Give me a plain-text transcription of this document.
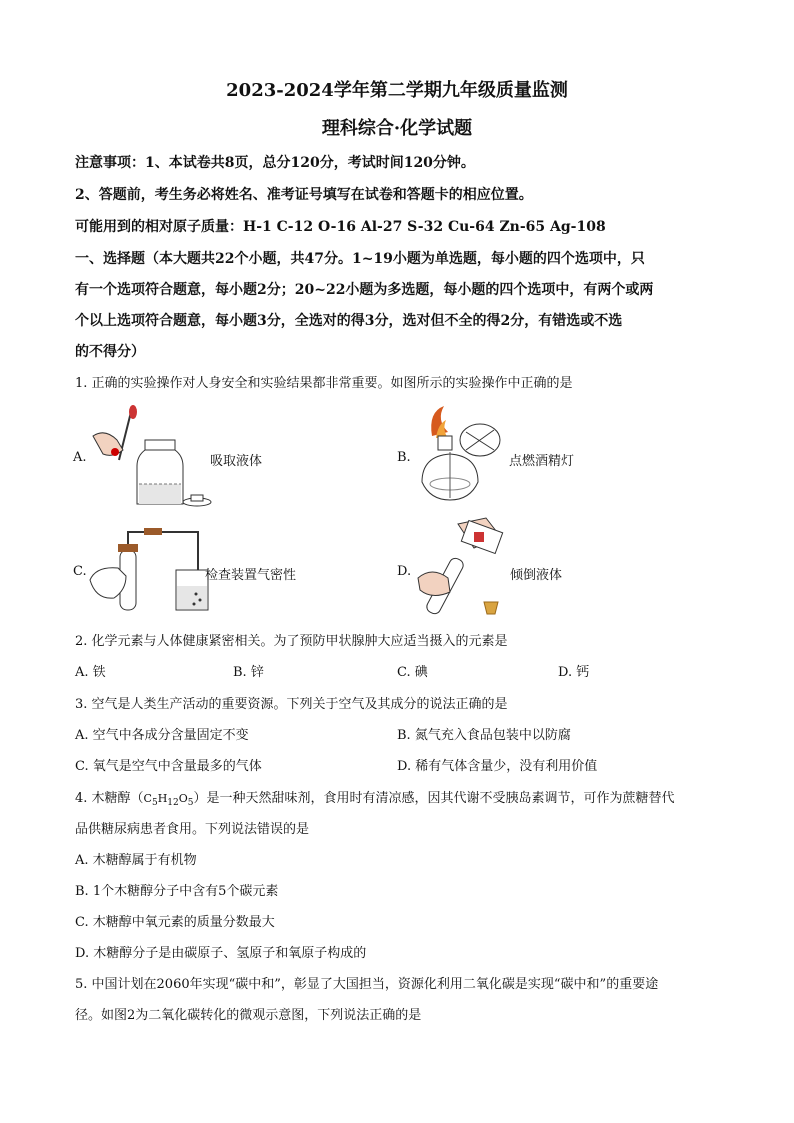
2023-2024学年第二学期九年级质量监测
理科综合·化学试题
注意事项：1、本试卷共8页，总分120分，考试时间120分钟。
2、答题前，考生务必将姓名、准考证号填写在试卷和答题卡的相应位置。
可能用到的相对原子质量：H-1 C-12 O-16 Al-27 S-32 Cu-64 Zn-65 Ag-108
一、选择题（本大题共22个小题，共47分。1~19小题为单选题，每小题的四个选项中，只
有一个选项符合题意，每小题2分；20~22小题为多选题，每小题的四个选项中，有两个或两
个以上选项符合题意，每小题3分，全选对的得3分，选对但不全的得2分，有错选或不选
的不得分）
1. 正确的实验操作对人身安全和实验结果都非常重要。如图所示的实验操作中正确的是
A.	吸取液体	B.	点燃酒精灯
C.	检查装置气密性	D.	倾倒液体
2. 化学元素与人体健康紧密相关。为了预防甲状腺肿大应适当摄入的元素是
A. 铁	B. 锌	C. 碘	D. 钙
3. 空气是人类生产活动的重要资源。下列关于空气及其成分的说法正确的是
A. 空气中各成分含量固定不变	B. 氮气充入食品包装中以防腐
C. 氧气是空气中含量最多的气体	D. 稀有气体含量少，没有利用价值
4. 木糖醇$(C_5H_{12}O_5)$是一种天然甜味剂，食用时有清凉感，因其代谢不受胰岛素调节，可作为蔗糖替代
品供糖尿病患者食用。下列说法错误的是
A. 木糖醇属于有机物
B. 1个木糖醇分子中含有5个碳元素
C. 木糖醇中氧元素的质量分数最大
D. 木糖醇分子是由碳原子、氢原子和氧原子构成的
5. 中国计划在2060年实现“碳中和”，彰显了大国担当，资源化利用二氧化碳是实现“碳中和”的重要途
径。如图2为二氧化碳转化的微观示意图，下列说法正确的是
